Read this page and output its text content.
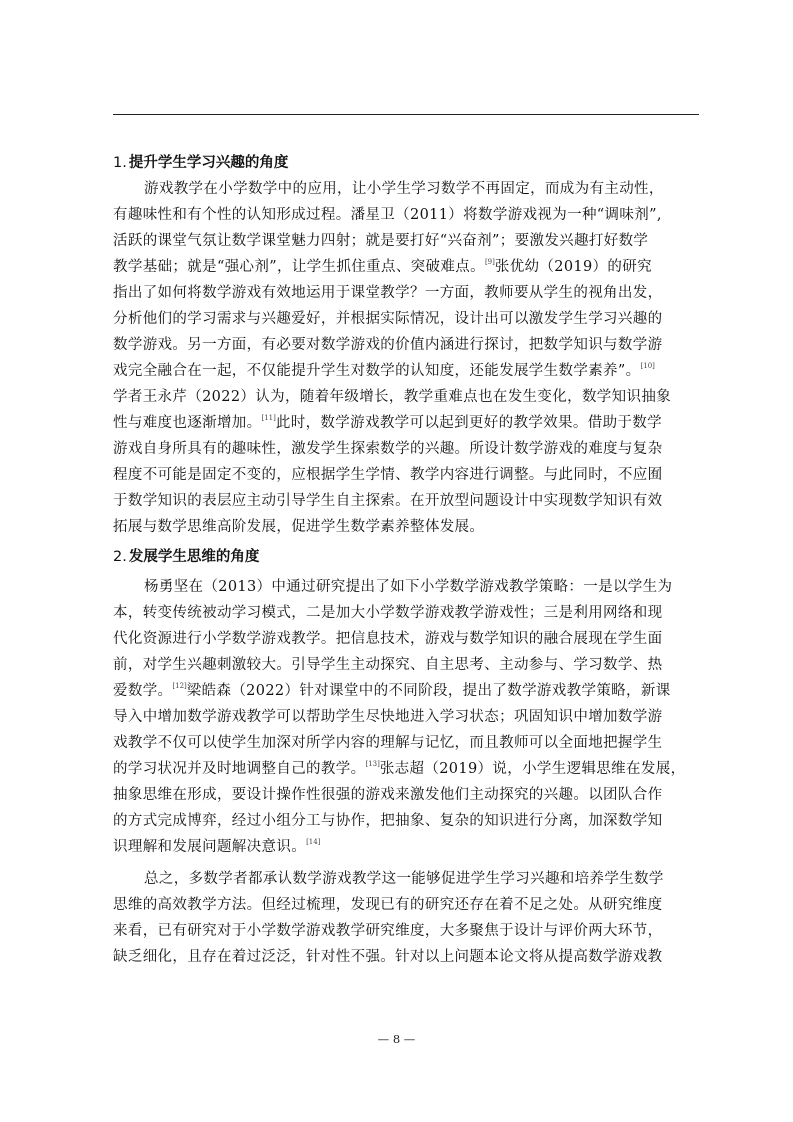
1. 提升学生学习兴趣的角度
游戏教学在小学数学中的应用，让小学生学习数学不再固定，而成为有主动性，
有趣味性和有个性的认知形成过程。潘星卫（2011）将数学游戏视为一种“调味剂”,
活跃的课堂气氛让数学课堂魅力四射；就是要打好“兴奋剂”；要激发兴趣打好数学
教学基础；就是“强心剂”，让学生抓住重点、突破难点。[9]张优幼（2019）的研究
指出了如何将数学游戏有效地运用于课堂教学？一方面，教师要从学生的视角出发，
分析他们的学习需求与兴趣爱好，并根据实际情况，设计出可以激发学生学习兴趣的
数学游戏。另一方面，有必要对数学游戏的价值内涵进行探讨，把数学知识与数学游
戏完全融合在一起，不仅能提升学生对数学的认知度，还能发展学生数学素养”。[10]
学者王永芹（2022）认为，随着年级增长，教学重难点也在发生变化，数学知识抽象
性与难度也逐渐增加。[11]此时，数学游戏教学可以起到更好的教学效果。借助于数学
游戏自身所具有的趣味性，激发学生探索数学的兴趣。所设计数学游戏的难度与复杂
程度不可能是固定不变的，应根据学生学情、教学内容进行调整。与此同时，不应囿
于数学知识的表层应主动引导学生自主探索。在开放型问题设计中实现数学知识有效
拓展与数学思维高阶发展，促进学生数学素养整体发展。
2. 发展学生思维的角度
杨勇坚在（2013）中通过研究提出了如下小学数学游戏教学策略：一是以学生为
本，转变传统被动学习模式，二是加大小学数学游戏教学游戏性；三是利用网络和现
代化资源进行小学数学游戏教学。把信息技术，游戏与数学知识的融合展现在学生面
前，对学生兴趣刺激较大。引导学生主动探究、自主思考、主动参与、学习数学、热
爱数学。[12]梁皓森（2022）针对课堂中的不同阶段，提出了数学游戏教学策略，新课
导入中增加数学游戏教学可以帮助学生尽快地进入学习状态；巩固知识中增加数学游
戏教学不仅可以使学生加深对所学内容的理解与记忆，而且教师可以全面地把握学生
的学习状况并及时地调整自己的教学。[13]张志超（2019）说，小学生逻辑思维在发展，
抽象思维在形成，要设计操作性很强的游戏来激发他们主动探究的兴趣。以团队合作
的方式完成博弈，经过小组分工与协作，把抽象、复杂的知识进行分离，加深数学知
识理解和发展问题解决意识。[14]
总之，多数学者都承认数学游戏教学这一能够促进学生学习兴趣和培养学生数学
思维的高效教学方法。但经过梳理，发现已有的研究还存在着不足之处。从研究维度
来看，已有研究对于小学数学游戏教学研究维度，大多聚焦于设计与评价两大环节，
缺乏细化，且存在着过泛泛，针对性不强。针对以上问题本论文将从提高数学游戏教
— 8 —
